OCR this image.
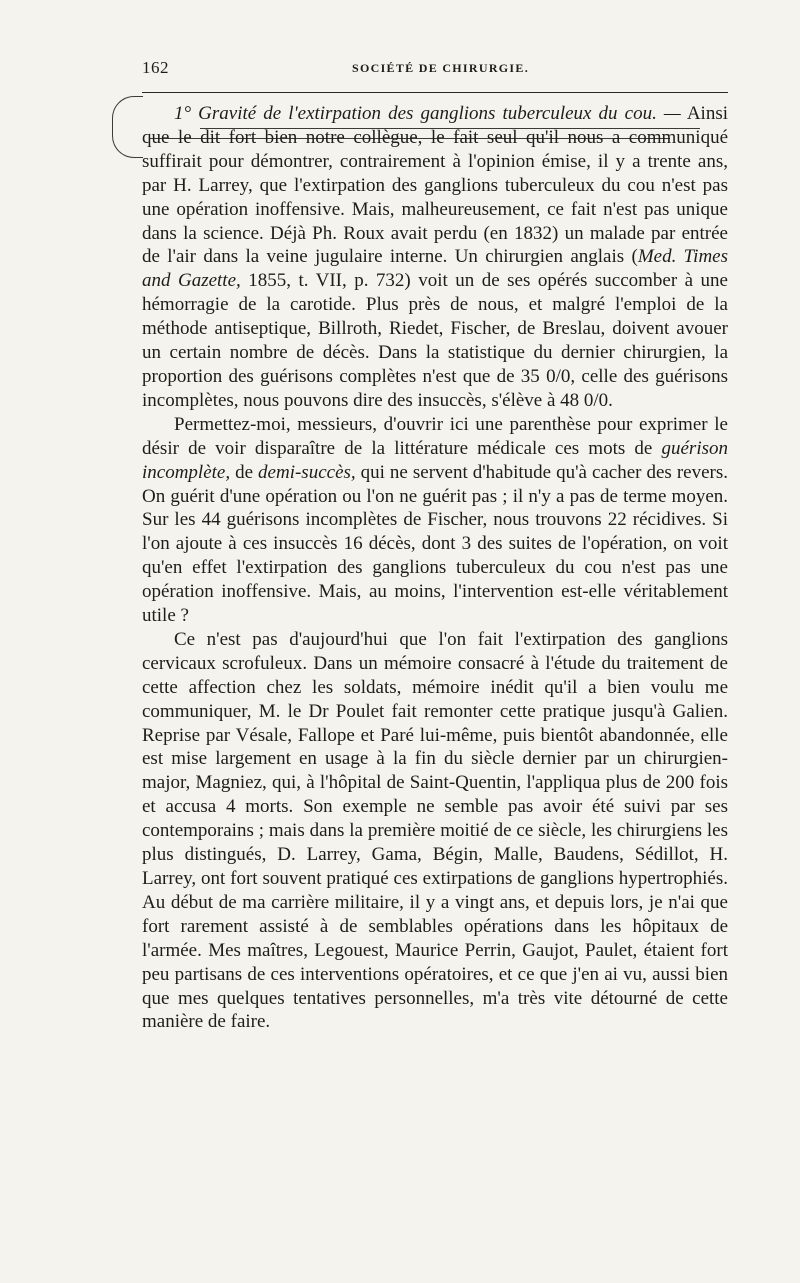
162	SOCIÉTÉ DE CHIRURGIE.

1° Gravité de l'extirpation des ganglions tuberculeux du cou. — Ainsi que le dit fort bien notre collègue, le fait seul qu'il nous a communiqué suffirait pour démontrer, contrairement à l'opinion émise, il y a trente ans, par H. Larrey, que l'extirpation des ganglions tuberculeux du cou n'est pas une opération inoffensive. Mais, malheureusement, ce fait n'est pas unique dans la science. Déjà Ph. Roux avait perdu (en 1832) un malade par entrée de l'air dans la veine jugulaire interne. Un chirurgien anglais (Med. Times and Gazette, 1855, t. VII, p. 732) voit un de ses opérés succomber à une hémorragie de la carotide. Plus près de nous, et malgré l'emploi de la méthode antiseptique, Billroth, Riedet, Fischer, de Breslau, doivent avouer un certain nombre de décès. Dans la statistique du dernier chirurgien, la proportion des guérisons complètes n'est que de 35 0/0, celle des guérisons incomplètes, nous pouvons dire des insuccès, s'élève à 48 0/0.

Permettez-moi, messieurs, d'ouvrir ici une parenthèse pour exprimer le désir de voir disparaître de la littérature médicale ces mots de guérison incomplète, de demi-succès, qui ne servent d'habitude qu'à cacher des revers. On guérit d'une opération ou l'on ne guérit pas ; il n'y a pas de terme moyen. Sur les 44 guérisons incomplètes de Fischer, nous trouvons 22 récidives. Si l'on ajoute à ces insuccès 16 décès, dont 3 des suites de l'opération, on voit qu'en effet l'extirpation des ganglions tuberculeux du cou n'est pas une opération inoffensive. Mais, au moins, l'intervention est-elle véritablement utile ?

Ce n'est pas d'aujourd'hui que l'on fait l'extirpation des ganglions cervicaux scrofuleux. Dans un mémoire consacré à l'étude du traitement de cette affection chez les soldats, mémoire inédit qu'il a bien voulu me communiquer, M. le Dr Poulet fait remonter cette pratique jusqu'à Galien. Reprise par Vésale, Fallope et Paré lui-même, puis bientôt abandonnée, elle est mise largement en usage à la fin du siècle dernier par un chirurgien-major, Magniez, qui, à l'hôpital de Saint-Quentin, l'appliqua plus de 200 fois et accusa 4 morts. Son exemple ne semble pas avoir été suivi par ses contemporains ; mais dans la première moitié de ce siècle, les chirurgiens les plus distingués, D. Larrey, Gama, Bégin, Malle, Baudens, Sédillot, H. Larrey, ont fort souvent pratiqué ces extirpations de ganglions hypertrophiés. Au début de ma carrière militaire, il y a vingt ans, et depuis lors, je n'ai que fort rarement assisté à de semblables opérations dans les hôpitaux de l'armée. Mes maîtres, Legouest, Maurice Perrin, Gaujot, Paulet, étaient fort peu partisans de ces interventions opératoires, et ce que j'en ai vu, aussi bien que mes quelques tentatives personnelles, m'a très vite détourné de cette manière de faire.
